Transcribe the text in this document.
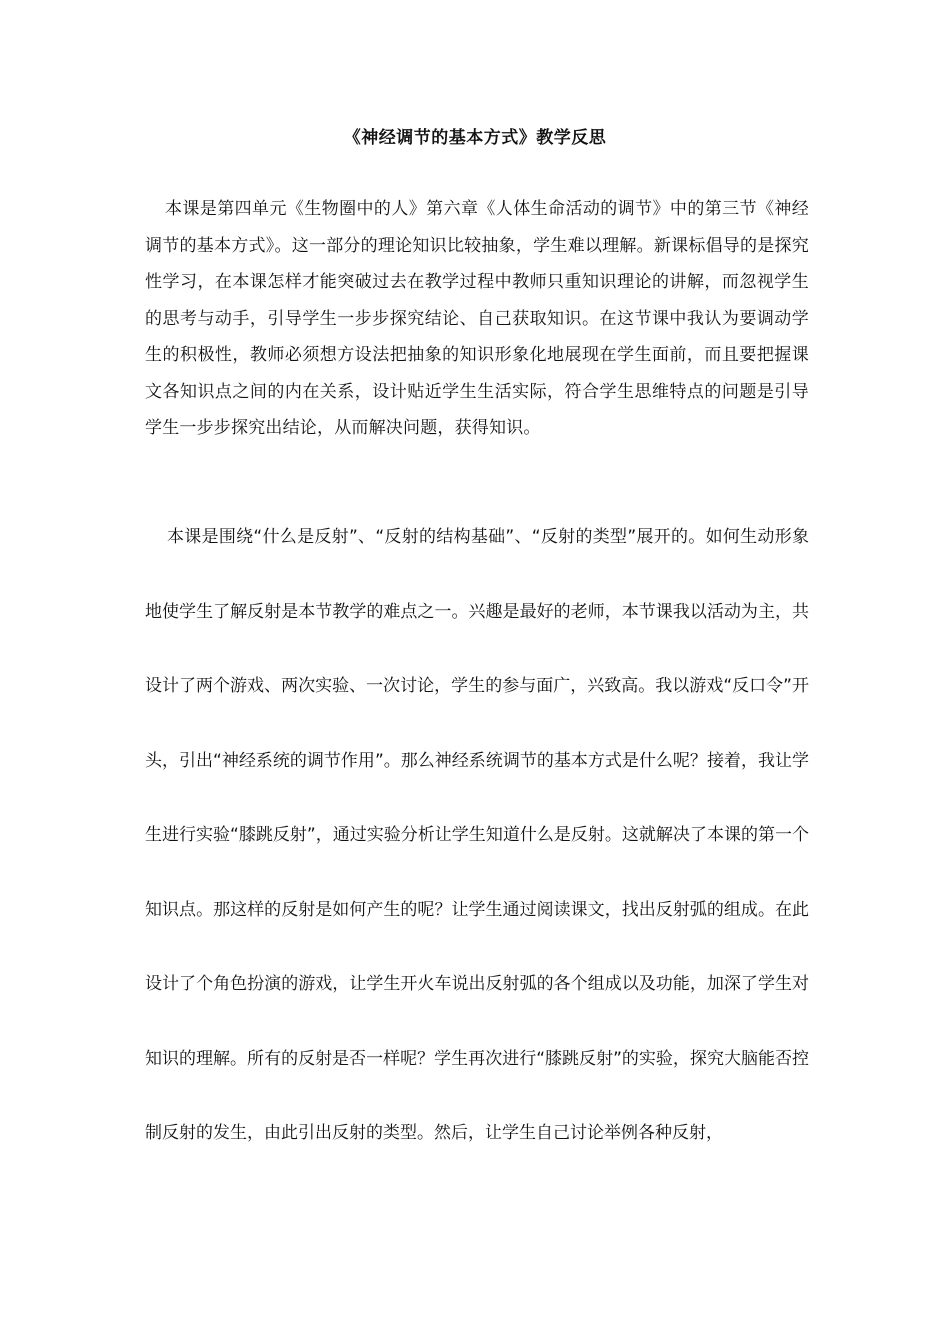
《神经调节的基本方式》教学反思

本课是第四单元《生物圈中的人》第六章《人体生命活动的调节》中的第三节《神经调节的基本方式》。这一部分的理论知识比较抽象，学生难以理解。新课标倡导的是探究性学习，在本课怎样才能突破过去在教学过程中教师只重知识理论的讲解，而忽视学生的思考与动手，引导学生一步步探究结论、自己获取知识。在这节课中我认为要调动学生的积极性，教师必须想方设法把抽象的知识形象化地展现在学生面前，而且要把握课文各知识点之间的内在关系，设计贴近学生生活实际，符合学生思维特点的问题是引导学生一步步探究出结论，从而解决问题，获得知识。

本课是围绕“什么是反射”、“反射的结构基础”、“反射的类型”展开的。如何生动形象地使学生了解反射是本节教学的难点之一。兴趣是最好的老师，本节课我以活动为主，共设计了两个游戏、两次实验、一次讨论，学生的参与面广，兴致高。我以游戏“反口令”开头，引出“神经系统的调节作用”。那么神经系统调节的基本方式是什么呢？接着，我让学生进行实验“膝跳反射”，通过实验分析让学生知道什么是反射。这就解决了本课的第一个知识点。那这样的反射是如何产生的呢？让学生通过阅读课文，找出反射弧的组成。在此设计了个角色扮演的游戏，让学生开火车说出反射弧的各个组成以及功能，加深了学生对知识的理解。所有的反射是否一样呢？学生再次进行“膝跳反射”的实验，探究大脑能否控制反射的发生，由此引出反射的类型。然后，让学生自己讨论举例各种反射，
